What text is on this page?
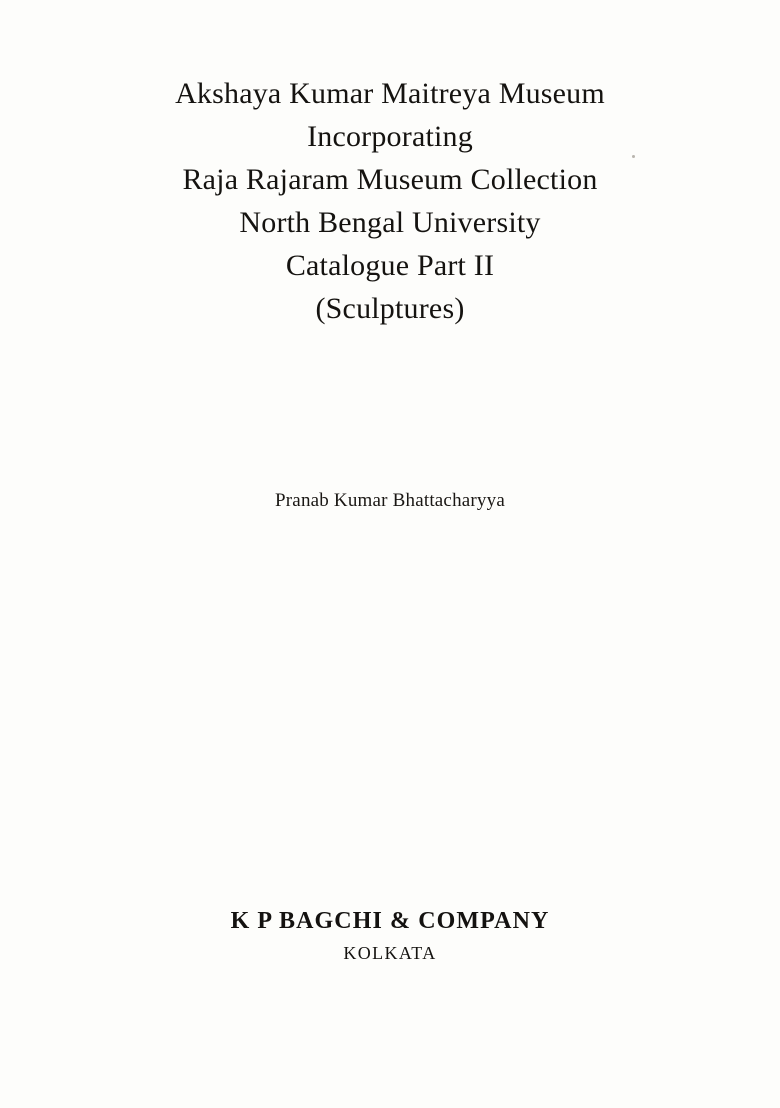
Akshaya Kumar Maitreya Museum
Incorporating
Raja Rajaram Museum Collection
North Bengal University
Catalogue Part II
(Sculptures)
Pranab Kumar Bhattacharyya
K P BAGCHI & COMPANY
KOLKATA
